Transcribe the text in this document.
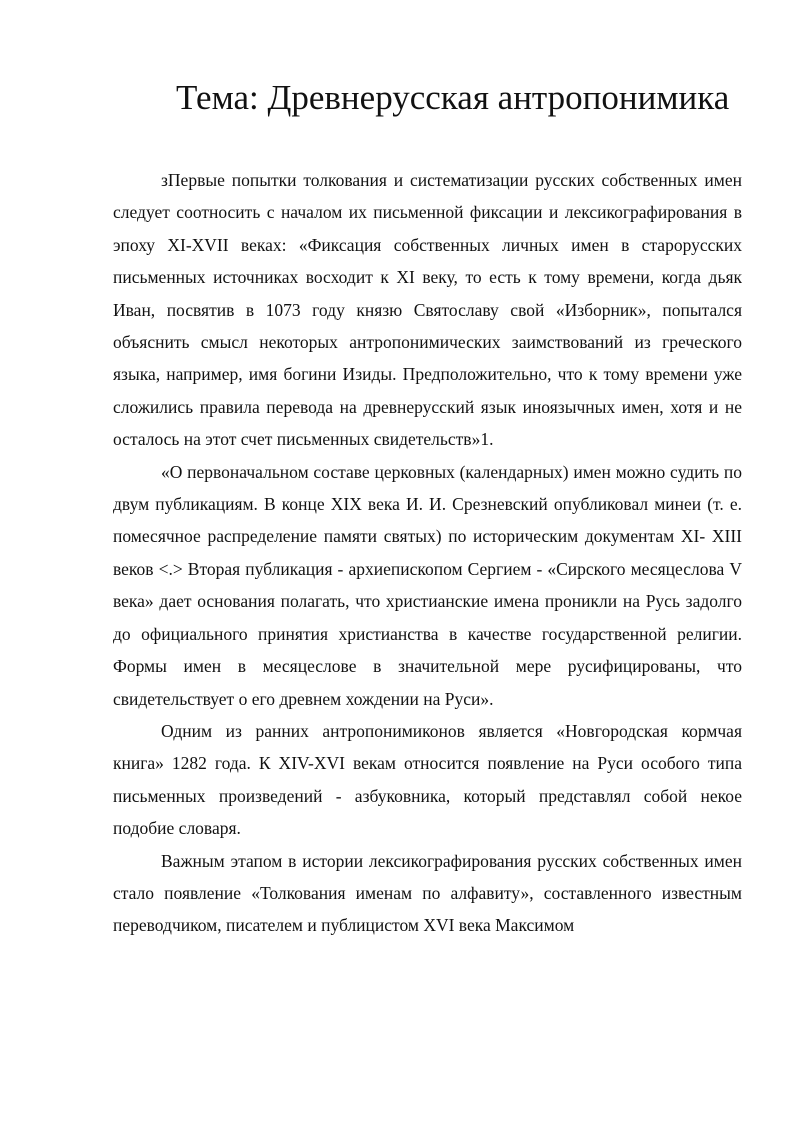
Тема: Древнерусская антропонимика

зПервые попытки толкования и систематизации русских собственных имен следует соотносить с началом их письменной фиксации и лексикографирования в эпоху XI-XVII веках: «Фиксация собственных личных имен в старорусских письменных источниках восходит к XI веку, то есть к тому времени, когда дьяк Иван, посвятив в 1073 году князю Святославу свой «Изборник», попытался объяснить смысл некоторых антропонимических заимствований из греческого языка, например, имя богини Изиды. Предположительно, что к тому времени уже сложились правила перевода на древнерусский язык иноязычных имен, хотя и не осталось на этот счет письменных свидетельств»1.

«О первоначальном составе церковных (календарных) имен можно судить по двум публикациям. В конце XIX века И. И. Срезневский опубликовал минеи (т. е. помесячное распределение памяти святых) по историческим документам XI- XIII веков <.> Вторая публикация - архиепископом Сергием - «Сирского месяцеслова V века» дает основания полагать, что христианские имена проникли на Русь задолго до официального принятия христианства в качестве государственной религии. Формы имен в месяцеслове в значительной мере русифицированы, что свидетельствует о его древнем хождении на Руси».

Одним из ранних антропонимиконов является «Новгородская кормчая книга» 1282 года. К XIV-XVI векам относится появление на Руси особого типа письменных произведений - азбуковника, который представлял собой некое подобие словаря.

Важным этапом в истории лексикографирования русских собственных имен стало появление «Толкования именам по алфавиту», составленного известным переводчиком, писателем и публицистом XVI века Максимом
